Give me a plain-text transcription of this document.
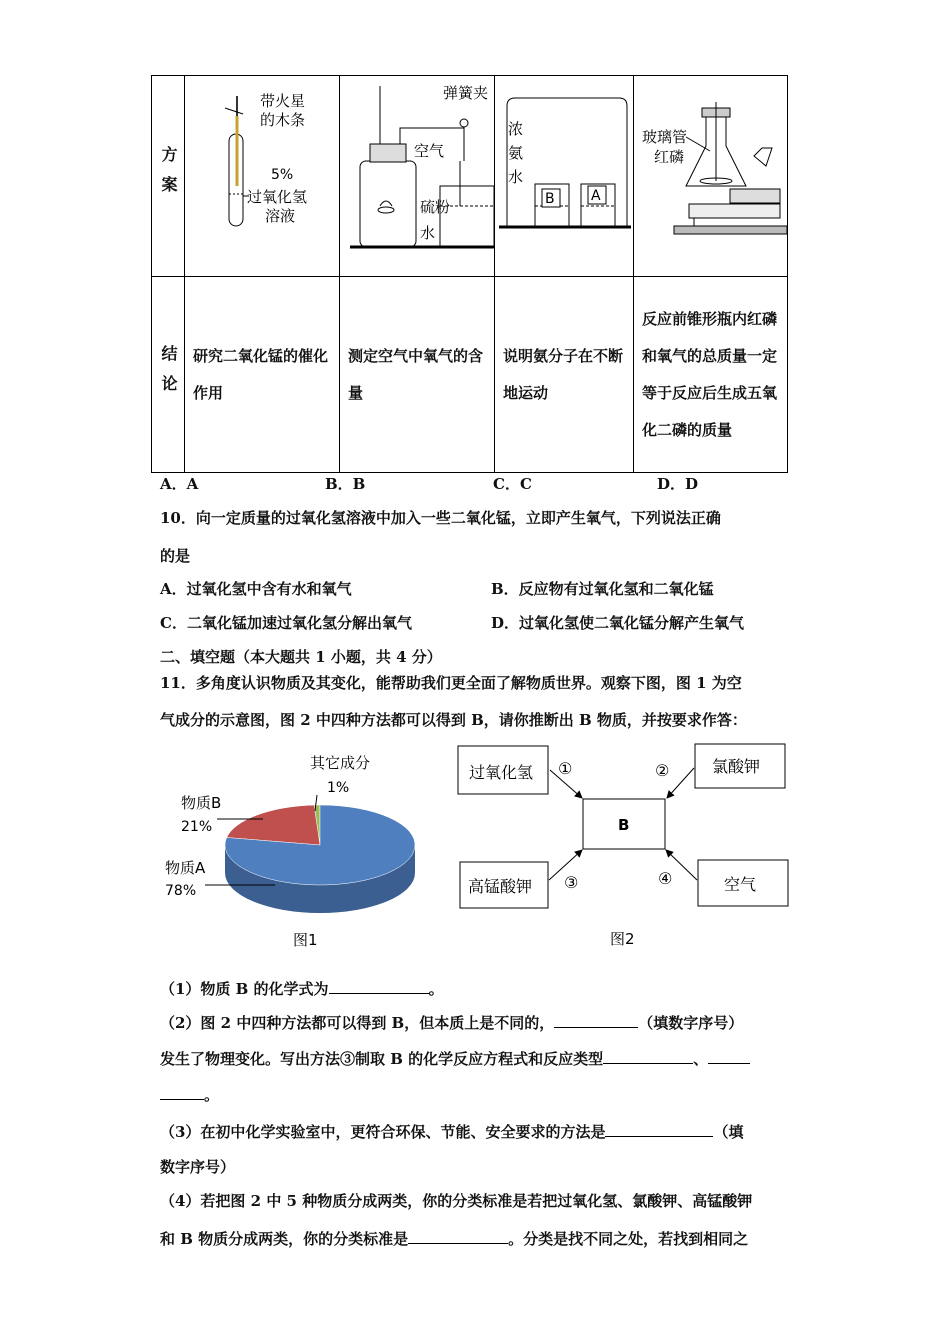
方案	带火星
的木条
5%
过氧化氢
溶液	弹簧夹
空气
硫粉
水	B A
浓
氨
水	玻璃管
红磷

结论	研究二氧化锰的催化作用	测定空气中氧气的含量	说明氨分子在不断地运动	反应前锥形瓶内红磷和氧气的总质量一定等于反应后生成五氧化二磷的质量
A．A	B．B	C．C	D．D
10．向一定质量的过氧化氢溶液中加入一些二氧化锰，立即产生氧气，下列说法正确
的是
A．过氧化氢中含有水和氧气	B．反应物有过氧化氢和二氧化锰
C．二氧化锰加速过氧化氢分解出氧气	D．过氧化氢使二氧化锰分解产生氧气
二、填空题（本大题共 1 小题，共 4 分）
11．多角度认识物质及其变化，能帮助我们更全面了解物质世界。观察下图，图 1 为空
气成分的示意图，图 2 中四种方法都可以得到 B，请你推断出 B 物质，并按要求作答：
其它成分
1%
物质B
21%
物质A
78%
图1
过氧化氢 ①	氯酸钾
②
B
高锰酸钾 ③	空气
④
图2
（1）物质 B 的化学式为	。
（2）图 2 中四种方法都可以得到 B，但本质上是不同的，	（填数字序号）
发生了物理变化。写出方法③制取 B 的化学反应方程式和反应类型	、
。
（3）在初中化学实验室中，更符合环保、节能、安全要求的方法是	（填
数字序号）
（4）若把图 2 中 5 种物质分成两类，你的分类标准是若把过氧化氢、氯酸钾、高锰酸钾
和 B 物质分成两类，你的分类标准是	。分类是找不同之处，若找到相同之
